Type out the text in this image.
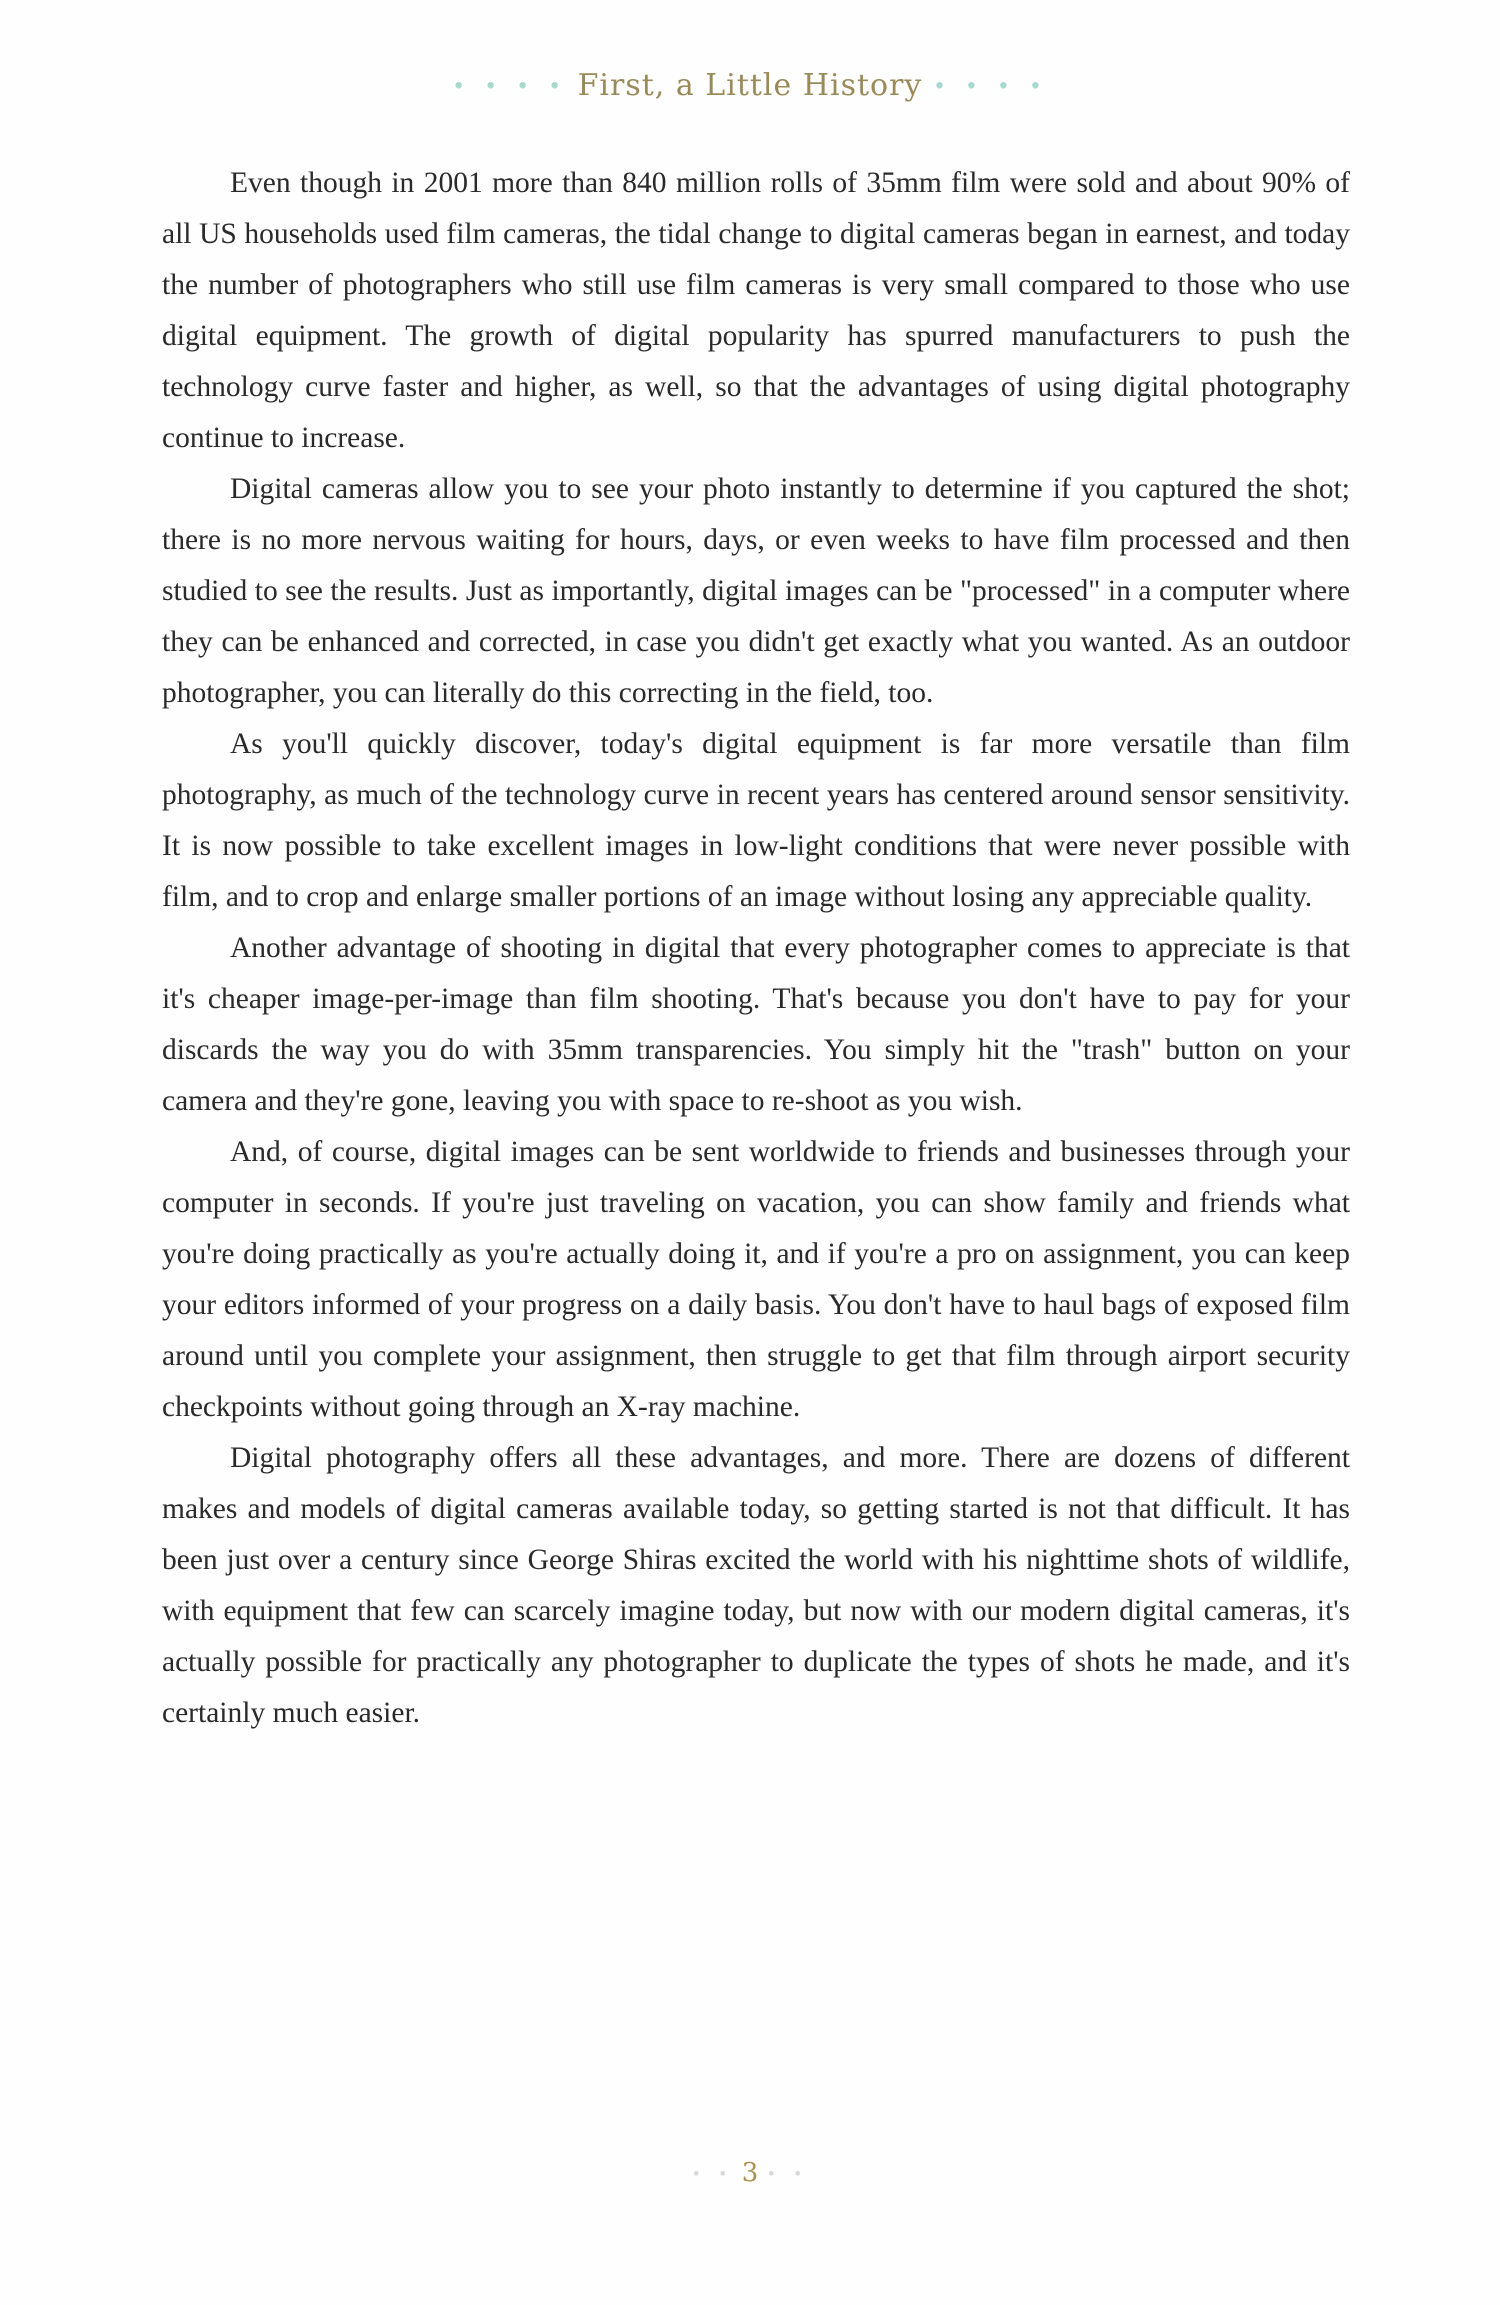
• • • • First, a Little History • • • •

Even though in 2001 more than 840 million rolls of 35mm film were sold and about 90% of all US households used film cameras, the tidal change to digital cameras began in earnest, and today the number of photographers who still use film cameras is very small compared to those who use digital equipment. The growth of digital popularity has spurred manufacturers to push the technology curve faster and higher, as well, so that the advantages of using digital photography continue to increase.

Digital cameras allow you to see your photo instantly to determine if you captured the shot; there is no more nervous waiting for hours, days, or even weeks to have film processed and then studied to see the results. Just as importantly, digital images can be "processed" in a computer where they can be enhanced and corrected, in case you didn't get exactly what you wanted. As an outdoor photographer, you can literally do this correcting in the field, too.

As you'll quickly discover, today's digital equipment is far more versatile than film photography, as much of the technology curve in recent years has centered around sensor sensitivity. It is now possible to take excellent images in low-light conditions that were never possible with film, and to crop and enlarge smaller portions of an image without losing any appreciable quality.

Another advantage of shooting in digital that every photographer comes to appreciate is that it's cheaper image-per-image than film shooting. That's because you don't have to pay for your discards the way you do with 35mm transparencies. You simply hit the "trash" button on your camera and they're gone, leaving you with space to re-shoot as you wish.

And, of course, digital images can be sent worldwide to friends and businesses through your computer in seconds. If you're just traveling on vacation, you can show family and friends what you're doing practically as you're actually doing it, and if you're a pro on assignment, you can keep your editors informed of your progress on a daily basis. You don't have to haul bags of exposed film around until you complete your assignment, then struggle to get that film through airport security checkpoints without going through an X-ray machine.

Digital photography offers all these advantages, and more. There are dozens of different makes and models of digital cameras available today, so getting started is not that difficult. It has been just over a century since George Shiras excited the world with his nighttime shots of wildlife, with equipment that few can scarcely imagine today, but now with our modern digital cameras, it's actually possible for practically any photographer to duplicate the types of shots he made, and it's certainly much easier.

• • 3 • •
